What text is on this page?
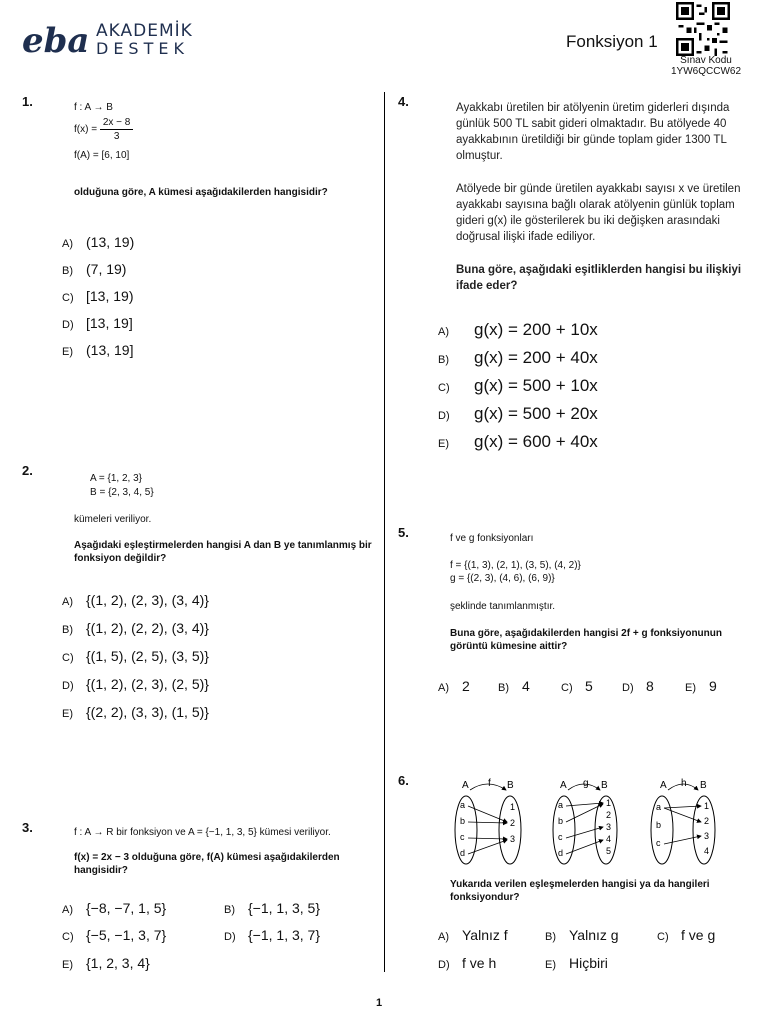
eba AKADEMİK
DESTEK	Fonksiyon 1
Sınav Kodu
1YW6QCCW62
1.	f : A → B
$f(x) = \frac{2x - 8}{3}$
f(A) = [6, 10]
olduğuna göre, A kümesi aşağıdakilerden hangisidir?
A) (13, 19)
B) (7, 19)
C) [13, 19)
D) [13, 19]
E) (13, 19]
2.
A = {1, 2, 3}
B = {2, 3, 4, 5}
kümeleri veriliyor.
Aşağıdaki eşleştirmelerden hangisi A dan B ye tanımlanmış bir fonksiyon değildir?
A) {(1, 2), (2, 3), (3, 4)}
B) {(1, 2), (2, 2), (3, 4)}
C) {(1, 5), (2, 5), (3, 5)}
D) {(1, 2), (2, 3), (2, 5)}
E) {(2, 2), (3, 3), (1, 5)}
3.	f : A → R bir fonksiyon ve A = {−1, 1, 3, 5} kümesi veriliyor.
f(x) = 2x − 3 olduğuna göre, f(A) kümesi aşağıdakilerden hangisidir?
A) {−8, −7, 1, 5}	B) {−1, 1, 3, 5}
C) {−5, −1, 3, 7}	D) {−1, 1, 3, 7}
E) {1, 2, 3, 4}
4.	Ayakkabı üretilen bir atölyenin üretim giderleri dışında günlük 500 TL sabit gideri olmaktadır. Bu atölyede 40 ayakkabının üretildiği bir günde toplam gider 1300 TL olmuştur.
Atölyede bir günde üretilen ayakkabı sayısı x ve üretilen ayakkabı sayısına bağlı olarak atölyenin günlük toplam gideri g(x) ile gösterilerek bu iki değişken arasındaki doğrusal ilişki ifade ediliyor.
Buna göre, aşağıdaki eşitliklerden hangisi bu ilişkiyi ifade eder?
A) g(x) = 200 + 10x
B) g(x) = 200 + 40x
C) g(x) = 500 + 10x
D) g(x) = 500 + 20x
E) g(x) = 600 + 40x
5.	f ve g fonksiyonları
f = {(1, 3), (2, 1), (3, 5), (4, 2)}
g = {(2, 3), (4, 6), (6, 9)}
şeklinde tanımlanmıştır.
Buna göre, aşağıdakilerden hangisi 2f + g fonksiyonunun görüntü kümesine aittir?
A) 2	B) 4	C) 5	D) 8	E) 9
6.	A f B
a
b
c
d
1
2
3
A g B
a
b
c
d
1
2
3
4
5
A h B
a
b
c
1
2
3
4
Yukarıda verilen eşleşmelerden hangisi ya da hangileri fonksiyondur?
A) Yalnız f	B) Yalnız g	C) f ve g
D) f ve h	E) Hiçbiri
1
